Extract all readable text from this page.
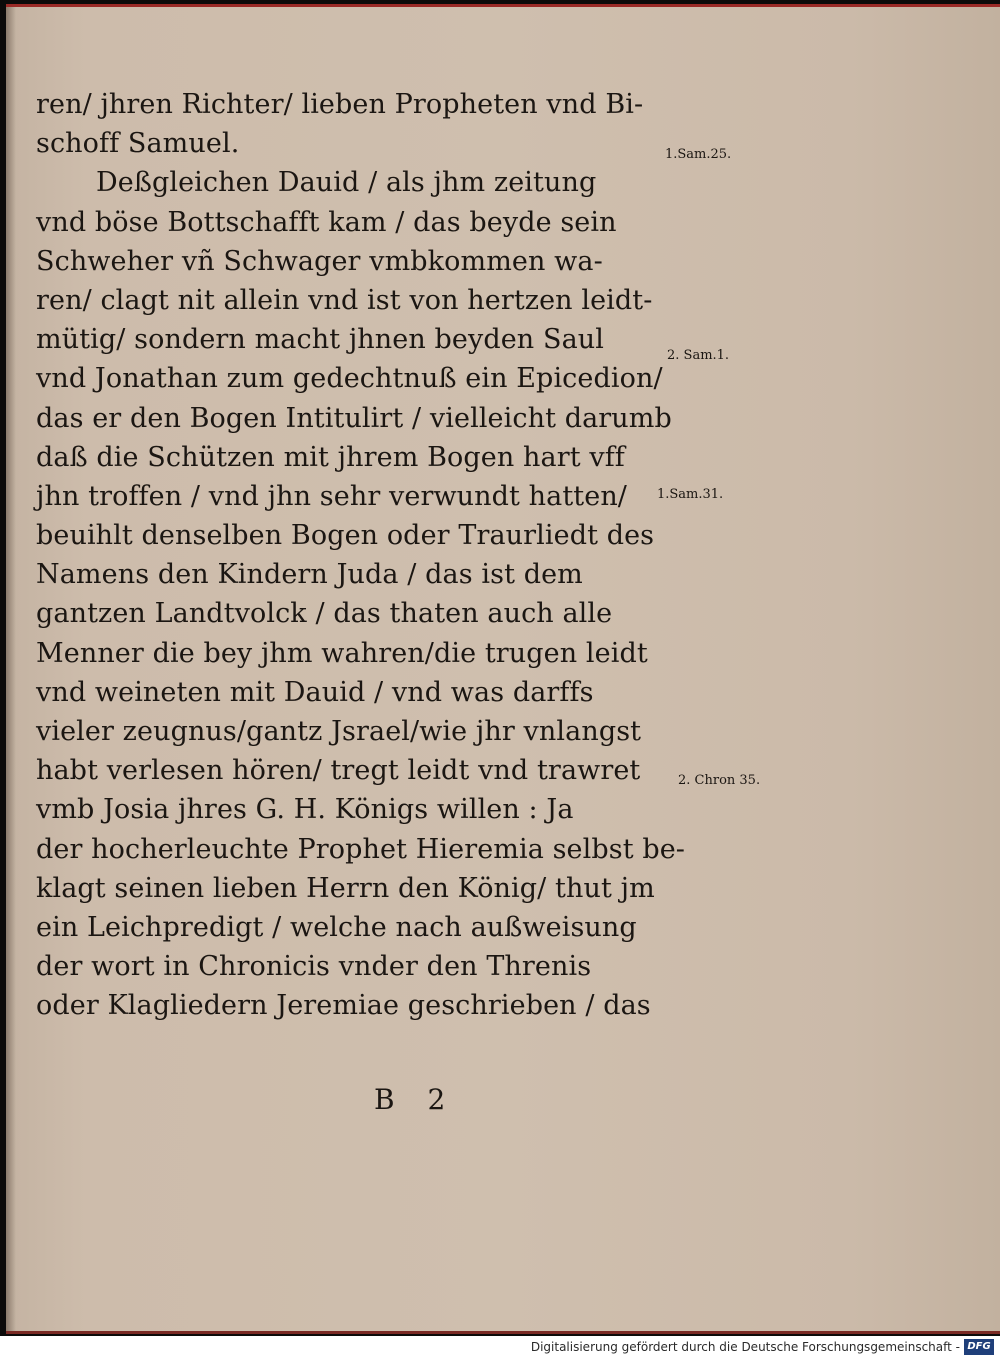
ren/ jhren Richter/ lieben Propheten vnd Bi-
schoff Samuel.
Deßgleichen Dauid / als jhm zeitung
vnd böse Bottschafft kam / das beyde sein
Schweher vñ Schwager vmbkommen wa-
ren/ clagt nit allein vnd ist von hertzen leidt-
mütig/ sondern macht jhnen beyden Saul
vnd Jonathan zum gedechtnuß ein Epicedion/
das er den Bogen Intitulirt / vielleicht darumb
daß die Schützen mit jhrem Bogen hart vff
jhn troffen / vnd jhn sehr verwundt hatten/
beuihlt denselben Bogen oder Traurliedt des
Namens den Kindern Juda / das ist dem
gantzen Landtvolck / das thaten auch alle
Menner die bey jhm wahren/die trugen leidt
vnd weineten mit Dauid / vnd was darffs
vieler zeugnus/gantz Jsrael/wie jhr vnlangst
habt verlesen hören/ tregt leidt vnd trawret
vmb Josia jhres G. H. Königs willen : Ja
der hocherleuchte Prophet Hieremia selbst be-
klagt seinen lieben Herrn den König/ thut jm
ein Leichpredigt / welche nach außweisung
der wort in Chronicis vnder den Threnis
oder Klagliedern Jeremiae geschrieben / das
B 2
1.Sam.25.
2. Sam.1.
1.Sam.31.
2. Chron 35.
Digitalisierung gefördert durch die Deutsche Forschungsgemeinschaft - DFG
